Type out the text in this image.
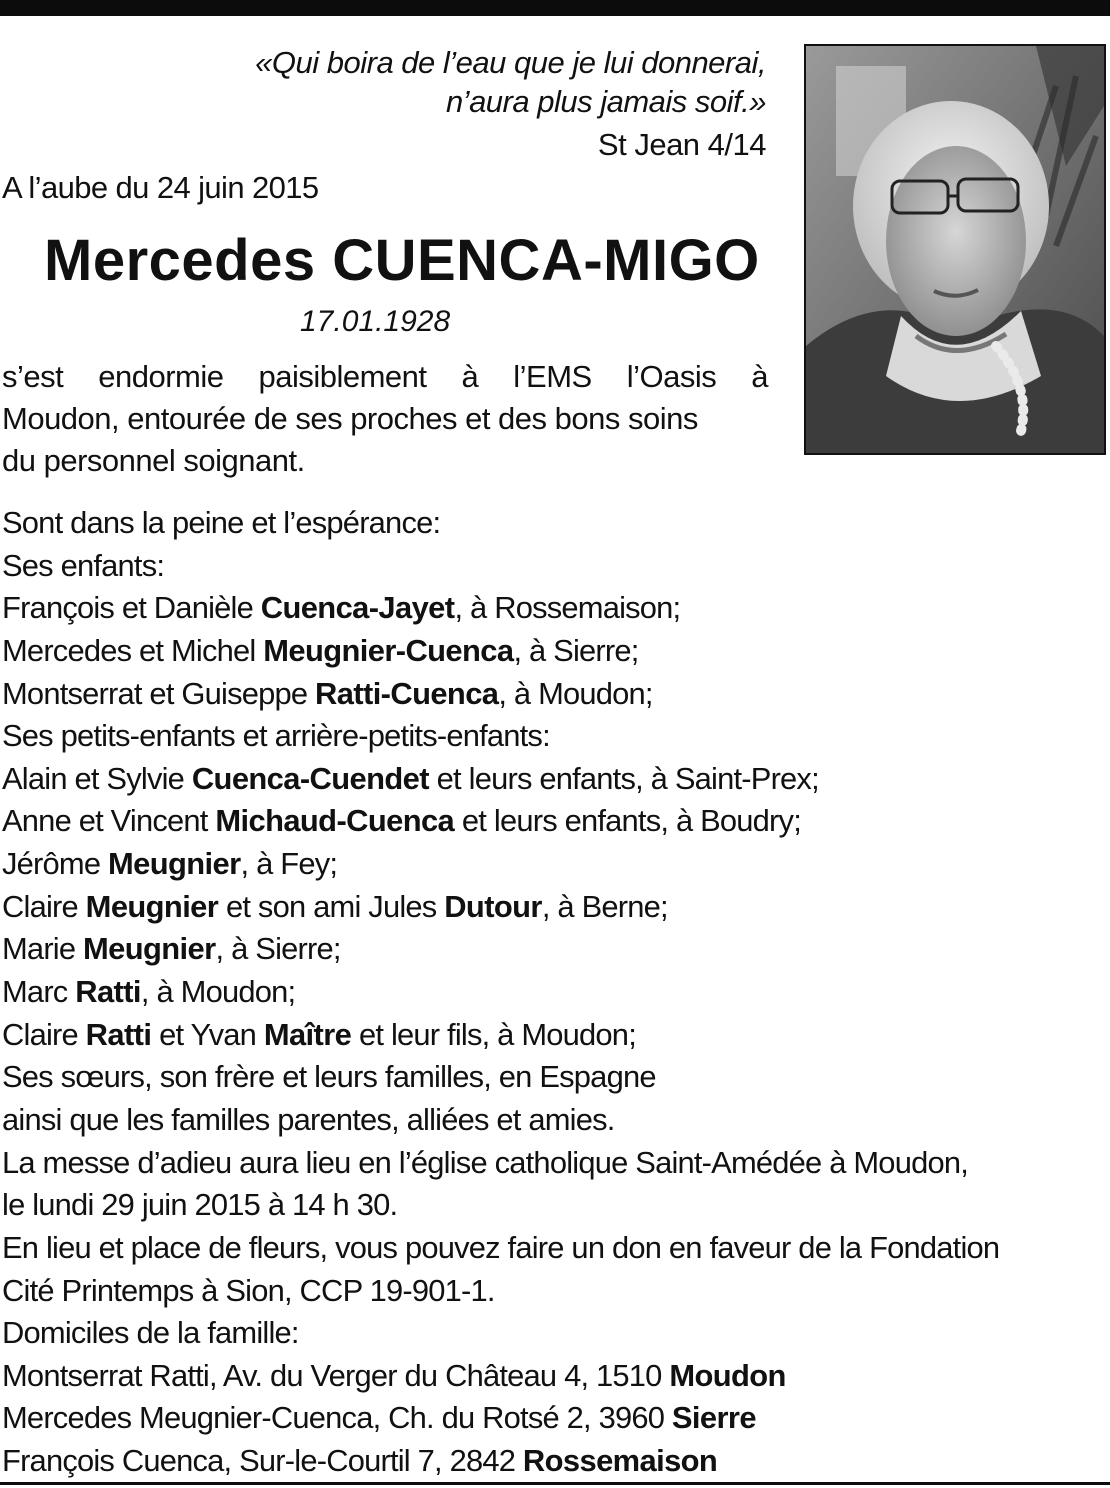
«Qui boira de l’eau que je lui donnerai,
n’aura plus jamais soif.»
St Jean 4/14
A l’aube du 24 juin 2015
Mercedes CUENCA-MIGO
17.01.1928
s’est endormie paisiblement à l’EMS l’Oasis à
Moudon, entourée de ses proches et des bons soins
du personnel soignant.
Sont dans la peine et l’espérance:
Ses enfants:
François et Danièle Cuenca-Jayet, à Rossemaison;
Mercedes et Michel Meugnier-Cuenca, à Sierre;
Montserrat et Guiseppe Ratti-Cuenca, à Moudon;
Ses petits-enfants et arrière-petits-enfants:
Alain et Sylvie Cuenca-Cuendet et leurs enfants, à Saint-Prex;
Anne et Vincent Michaud-Cuenca et leurs enfants, à Boudry;
Jérôme Meugnier, à Fey;
Claire Meugnier et son ami Jules Dutour, à Berne;
Marie Meugnier, à Sierre;
Marc Ratti, à Moudon;
Claire Ratti et Yvan Maître et leur fils, à Moudon;
Ses sœurs, son frère et leurs familles, en Espagne
ainsi que les familles parentes, alliées et amies.
La messe d’adieu aura lieu en l’église catholique Saint-Amédée à Moudon,
le lundi 29 juin 2015 à 14 h 30.
En lieu et place de fleurs, vous pouvez faire un don en faveur de la Fondation
Cité Printemps à Sion, CCP 19-901-1.
Domiciles de la famille:
Montserrat Ratti, Av. du Verger du Château 4, 1510 Moudon
Mercedes Meugnier-Cuenca, Ch. du Rotsé 2, 3960 Sierre
François Cuenca, Sur-le-Courtil 7, 2842 Rossemaison
